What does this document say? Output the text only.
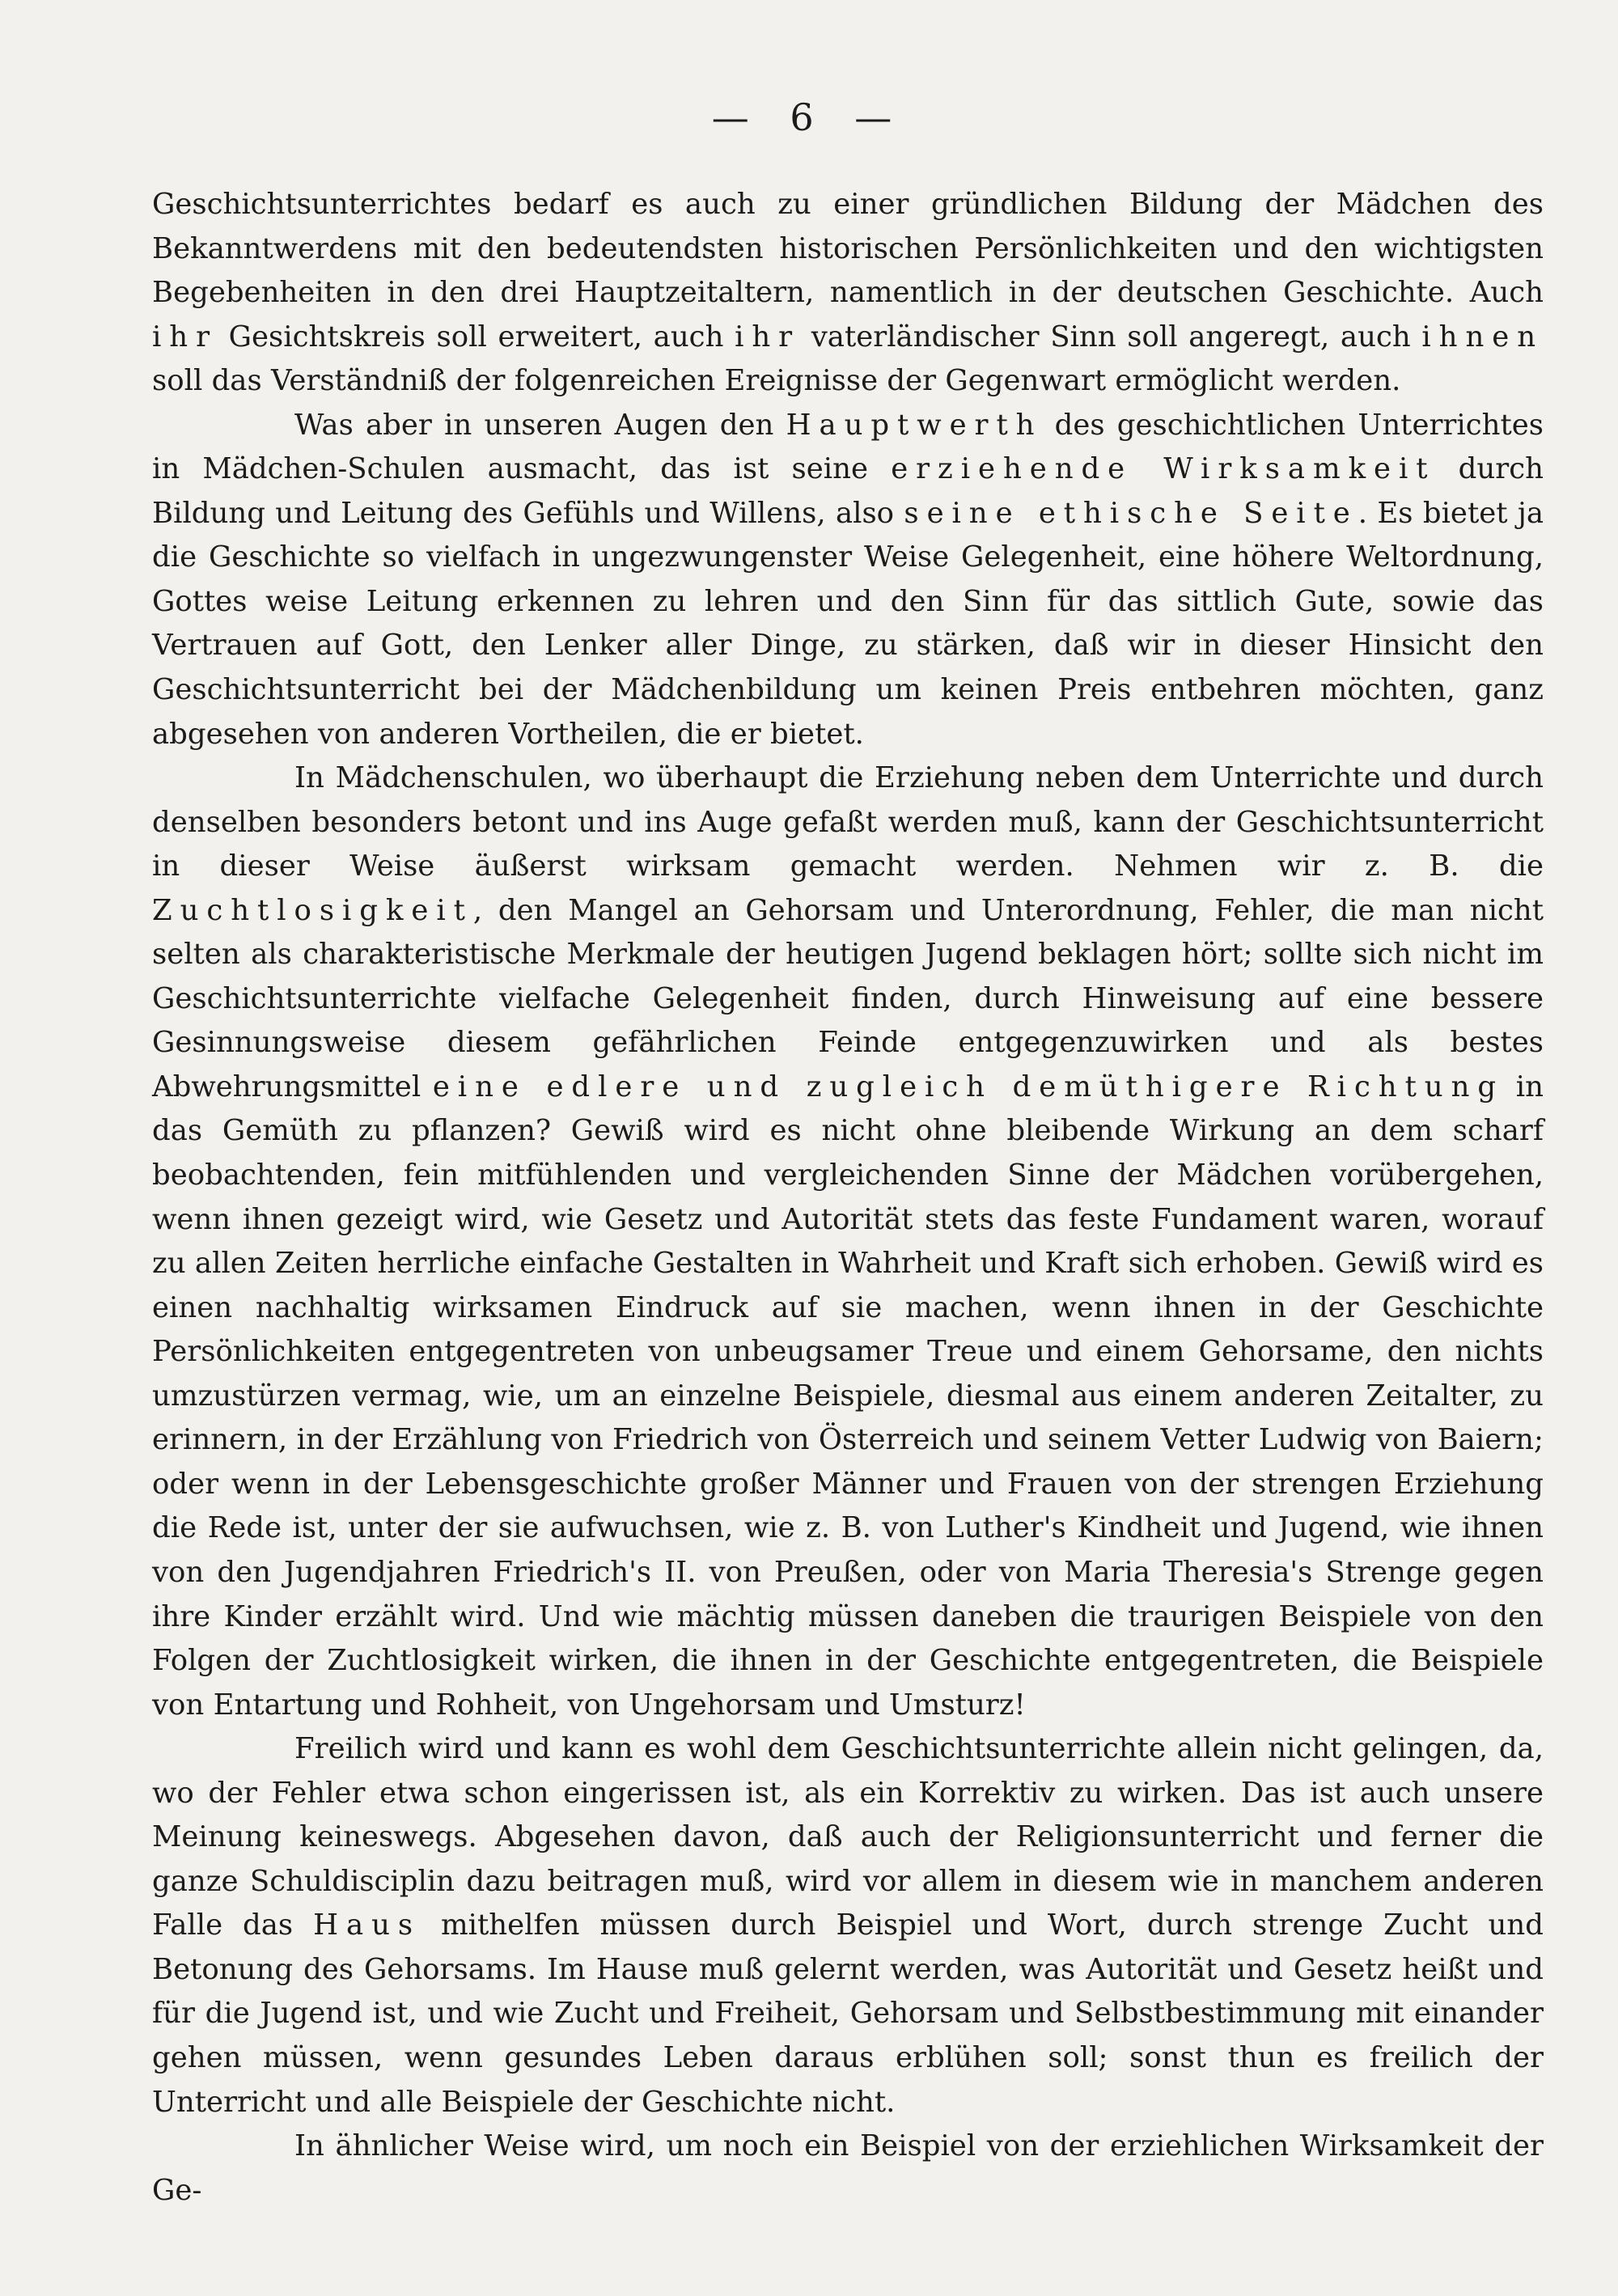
— 6 —

Geschichtsunterrichtes bedarf es auch zu einer gründlichen Bildung der Mädchen des Bekanntwerdens mit den bedeutendsten historischen Persönlichkeiten und den wichtigsten Begebenheiten in den drei Hauptzeitaltern, namentlich in der deutschen Geschichte. Auch ihr Gesichtskreis soll erweitert, auch ihr vaterländischer Sinn soll angeregt, auch ihnen soll das Verständniß der folgenreichen Ereignisse der Gegenwart ermöglicht werden.

Was aber in unseren Augen den Hauptwerth des geschichtlichen Unterrichtes in Mädchen-Schulen ausmacht, das ist seine erziehende Wirksamkeit durch Bildung und Leitung des Gefühls und Willens, also seine ethische Seite. Es bietet ja die Geschichte so vielfach in ungezwungenster Weise Gelegenheit, eine höhere Weltordnung, Gottes weise Leitung erkennen zu lehren und den Sinn für das sittlich Gute, sowie das Vertrauen auf Gott, den Lenker aller Dinge, zu stärken, daß wir in dieser Hinsicht den Geschichtsunterricht bei der Mädchenbildung um keinen Preis entbehren möchten, ganz abgesehen von anderen Vortheilen, die er bietet.

In Mädchenschulen, wo überhaupt die Erziehung neben dem Unterrichte und durch denselben besonders betont und ins Auge gefaßt werden muß, kann der Geschichtsunterricht in dieser Weise äußerst wirksam gemacht werden. Nehmen wir z. B. die Zuchtlosigkeit, den Mangel an Gehorsam und Unterordnung, Fehler, die man nicht selten als charakteristische Merkmale der heutigen Jugend beklagen hört; sollte sich nicht im Geschichtsunterrichte vielfache Gelegenheit finden, durch Hinweisung auf eine bessere Gesinnungsweise diesem gefährlichen Feinde entgegenzuwirken und als bestes Abwehrungsmittel eine edlere und zugleich demüthigere Richtung in das Gemüth zu pflanzen? Gewiß wird es nicht ohne bleibende Wirkung an dem scharf beobachtenden, fein mitfühlenden und vergleichenden Sinne der Mädchen vorübergehen, wenn ihnen gezeigt wird, wie Gesetz und Autorität stets das feste Fundament waren, worauf zu allen Zeiten herrliche einfache Gestalten in Wahrheit und Kraft sich erhoben. Gewiß wird es einen nachhaltig wirksamen Eindruck auf sie machen, wenn ihnen in der Geschichte Persönlichkeiten entgegentreten von unbeugsamer Treue und einem Gehorsame, den nichts umzustürzen vermag, wie, um an einzelne Beispiele, diesmal aus einem anderen Zeitalter, zu erinnern, in der Erzählung von Friedrich von Österreich und seinem Vetter Ludwig von Baiern; oder wenn in der Lebensgeschichte großer Männer und Frauen von der strengen Erziehung die Rede ist, unter der sie aufwuchsen, wie z. B. von Luther's Kindheit und Jugend, wie ihnen von den Jugendjahren Friedrich's II. von Preußen, oder von Maria Theresia's Strenge gegen ihre Kinder erzählt wird. Und wie mächtig müssen daneben die traurigen Beispiele von den Folgen der Zuchtlosigkeit wirken, die ihnen in der Geschichte entgegentreten, die Beispiele von Entartung und Rohheit, von Ungehorsam und Umsturz!

Freilich wird und kann es wohl dem Geschichtsunterrichte allein nicht gelingen, da, wo der Fehler etwa schon eingerissen ist, als ein Korrektiv zu wirken. Das ist auch unsere Meinung keineswegs. Abgesehen davon, daß auch der Religionsunterricht und ferner die ganze Schuldisciplin dazu beitragen muß, wird vor allem in diesem wie in manchem anderen Falle das Haus mithelfen müssen durch Beispiel und Wort, durch strenge Zucht und Betonung des Gehorsams. Im Hause muß gelernt werden, was Autorität und Gesetz heißt und für die Jugend ist, und wie Zucht und Freiheit, Gehorsam und Selbstbestimmung mit einander gehen müssen, wenn gesundes Leben daraus erblühen soll; sonst thun es freilich der Unterricht und alle Beispiele der Geschichte nicht.

In ähnlicher Weise wird, um noch ein Beispiel von der erziehlichen Wirksamkeit der Ge-
